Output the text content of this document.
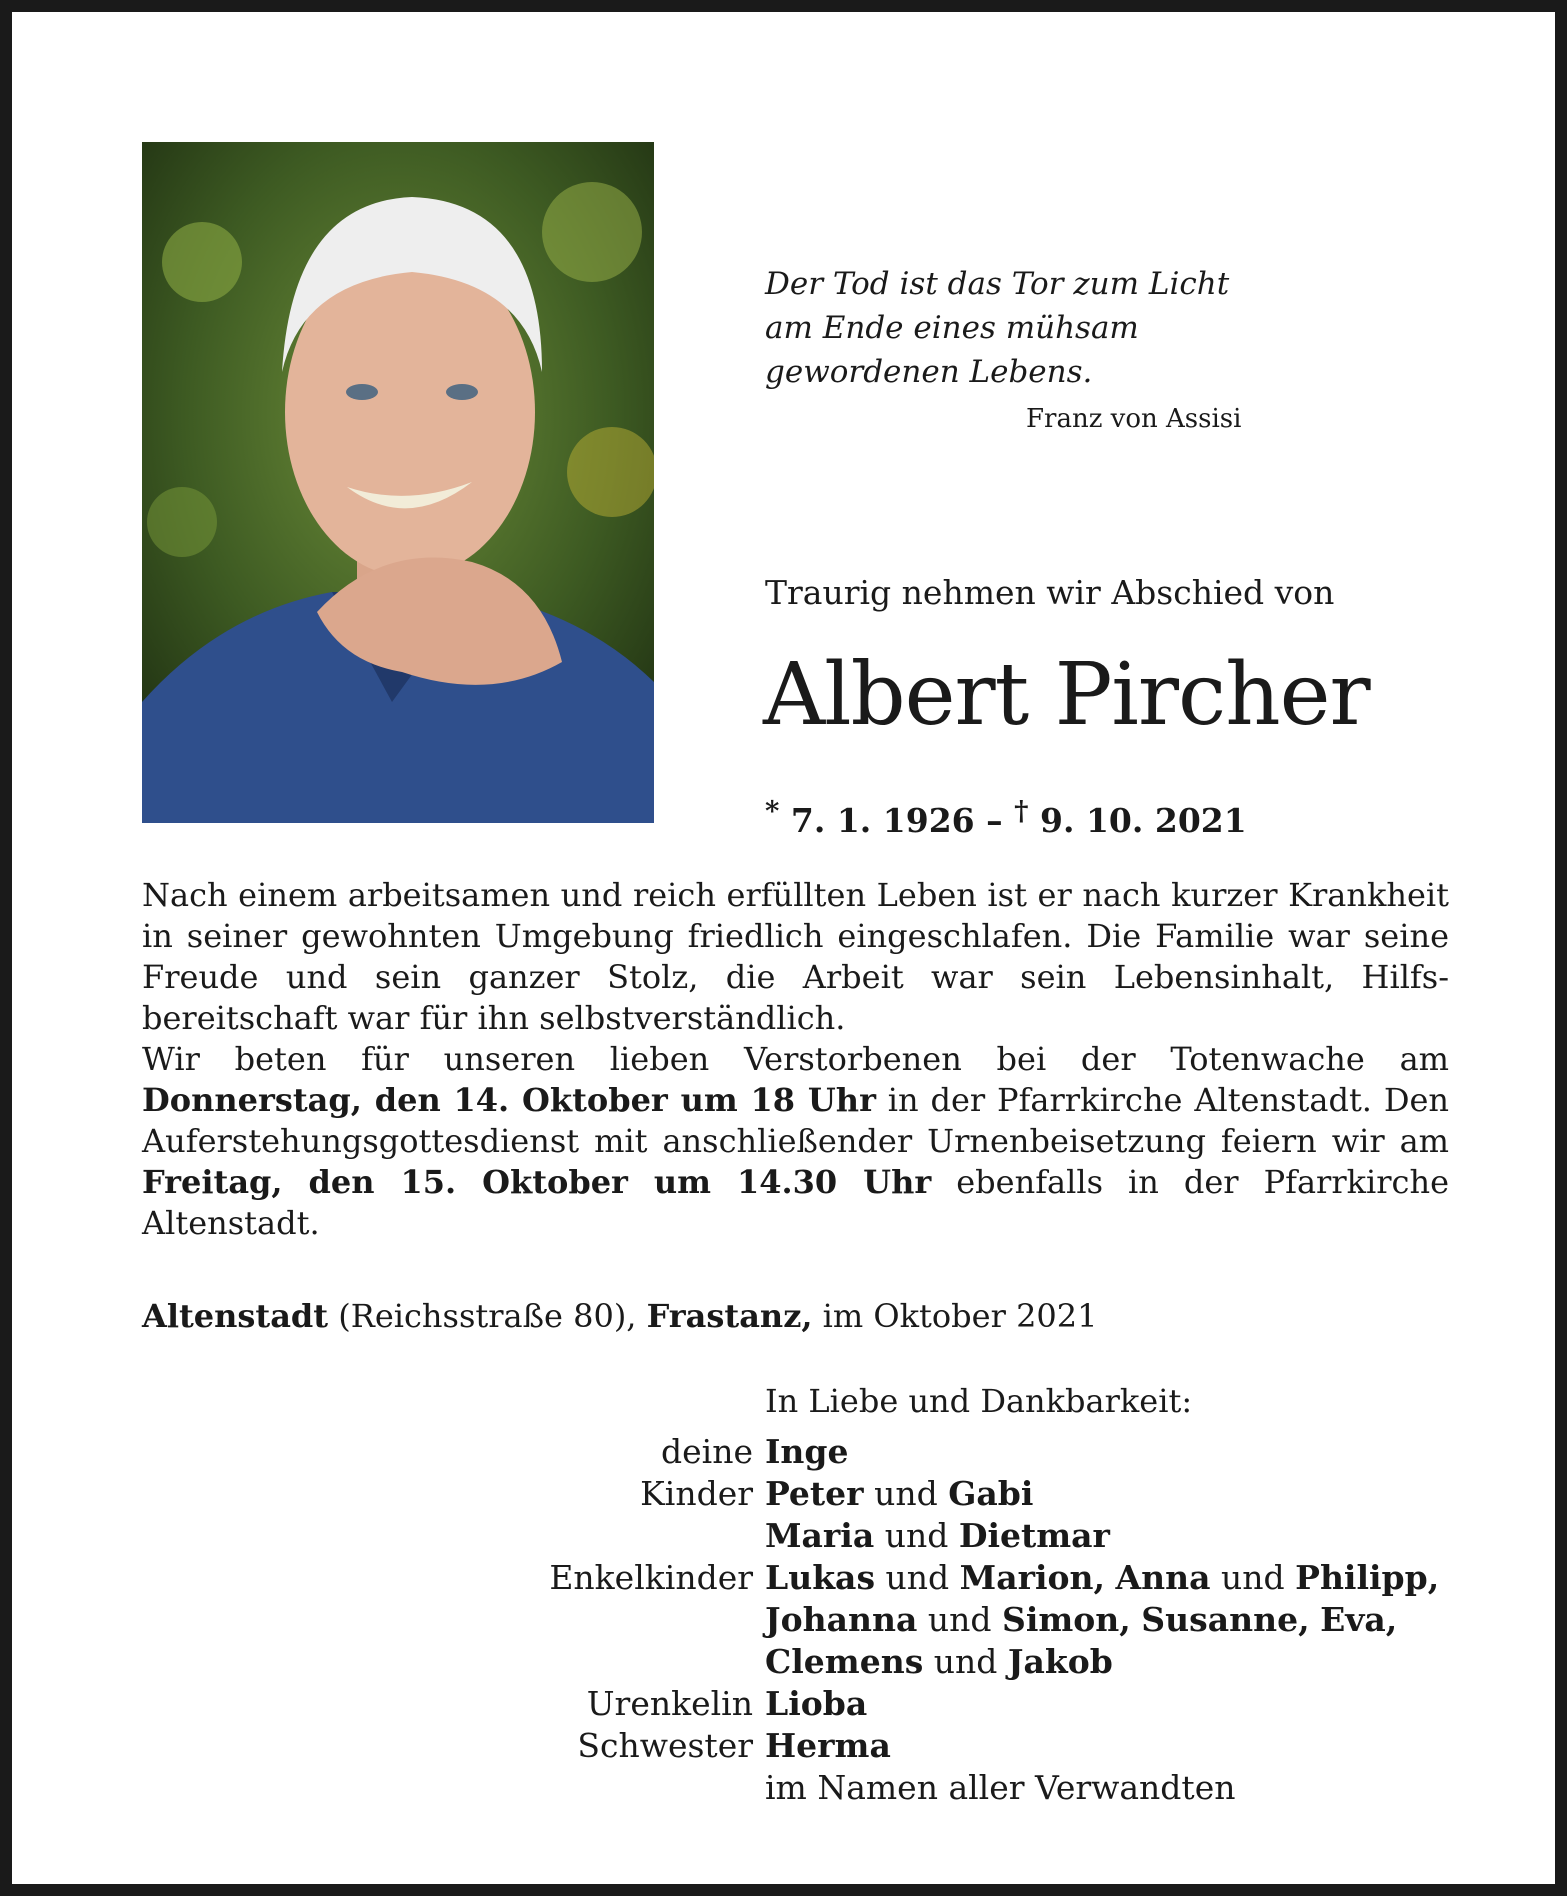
Der Tod ist das Tor zum Licht
am Ende eines mühsam
gewordenen Lebens.
Franz von Assisi
Traurig nehmen wir Abschied von
Albert Pircher
* 7. 1. 1926 – † 9. 10. 2021

Nach einem arbeitsamen und reich erfüllten Leben ist er nach kurzer Krankheit in seiner gewohnten Umgebung friedlich eingeschlafen. Die Familie war seine Freude und sein ganzer Stolz, die Arbeit war sein Lebensinhalt, Hilfsbereitschaft war für ihn selbstverständlich.

Wir beten für unseren lieben Verstorbenen bei der Totenwache am Donnerstag, den 14. Oktober um 18 Uhr in der Pfarrkirche Altenstadt. Den Auferstehungsgottesdienst mit anschließender Urnenbeisetzung feiern wir am Freitag, den 15. Oktober um 14.30 Uhr ebenfalls in der Pfarrkirche Altenstadt.

Altenstadt (Reichsstraße 80), Frastanz, im Oktober 2021
In Liebe und Dankbarkeit:
deine Inge
Kinder Peter und Gabi
Maria und Dietmar
Enkelkinder Lukas und Marion, Anna und Philipp,
Johanna und Simon, Susanne, Eva,
Clemens und Jakob
Urenkelin Lioba
Schwester Herma
im Namen aller Verwandten
